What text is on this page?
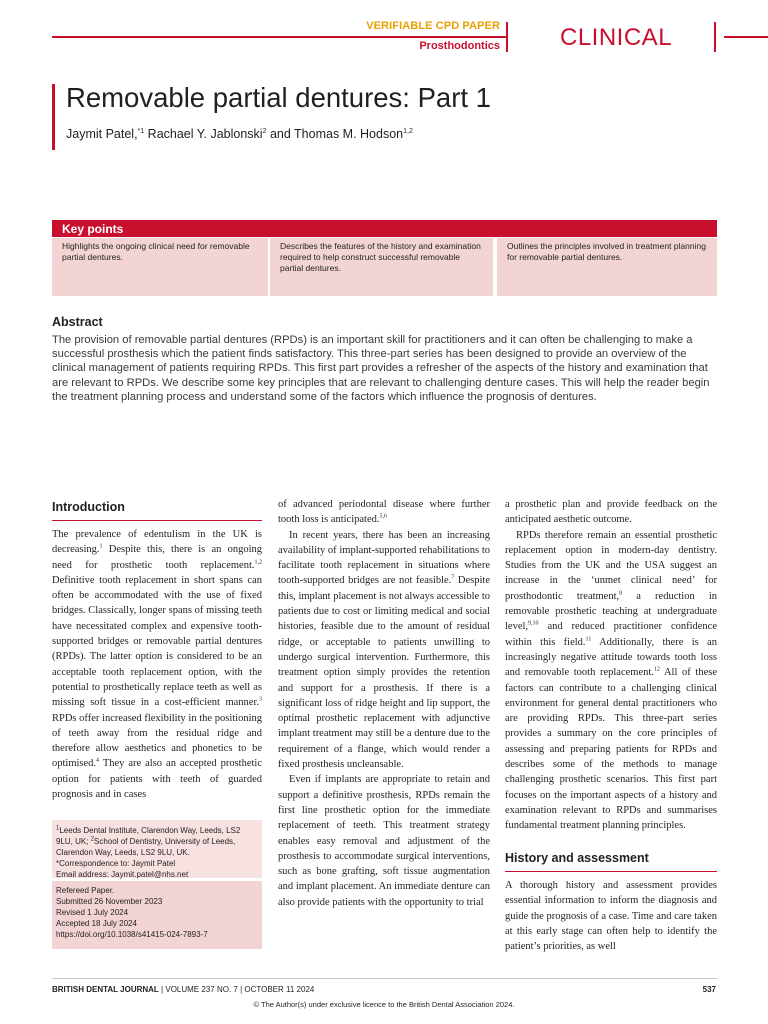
VERIFIABLE CPD PAPER
Prosthodontics	CLINICAL
Removable partial dentures: Part 1
Jaymit Patel,$^{*1}$ Rachael Y. Jablonski$^2$ and Thomas M. Hodson$^{1,2}$
Key points
Highlights the ongoing clinical need for removable partial dentures.
Describes the features of the history and examination required to help construct successful removable partial dentures.
Outlines the principles involved in treatment planning for removable partial dentures.
Abstract
The provision of removable partial dentures (RPDs) is an important skill for practitioners and it can often be challenging to make a successful prosthesis which the patient finds satisfactory. This three-part series has been designed to provide an overview of the clinical management of patients requiring RPDs. This first part provides a refresher of the aspects of the history and examination that are relevant to RPDs. We describe some key principles that are relevant to challenging denture cases. This will help the reader begin the treatment planning process and understand some of the factors which influence the prognosis of dentures.
Introduction

The prevalence of edentulism in the UK is decreasing.$^1$ Despite this, there is an ongoing need for prosthetic tooth replacement.$^{1,2}$ Definitive tooth replacement in short spans can often be accommodated with the use of fixed bridges. Classically, longer spans of missing teeth have necessitated complex and expensive tooth-supported bridges or removable partial dentures (RPDs). The latter option is considered to be an acceptable tooth replacement option, with the potential to prosthetically replace teeth as well as missing soft tissue in a cost-efficient manner.$^3$ RPDs offer increased flexibility in the positioning of teeth away from the residual ridge and therefore allow aesthetics and phonetics to be optimised.$^4$ They are also an accepted prosthetic option for patients with teeth of guarded prognosis and in cases

$^1$Leeds Dental Institute, Clarendon Way, Leeds, LS2 9LU, UK; $^2$School of Dentistry, University of Leeds, Clarendon Way, Leeds, LS2 9LU, UK.
*Correspondence to: Jaymit Patel
Email address: Jaymit.patel@nhs.net
Refereed Paper.
Submitted 26 November 2023
Revised 1 July 2024
Accepted 18 July 2024
https://doi.org/10.1038/s41415-024-7893-7

of advanced periodontal disease where further tooth loss is anticipated.$^{5,6}$

In recent years, there has been an increasing availability of implant-supported rehabilitations to facilitate tooth replacement in situations where tooth-supported bridges are not feasible.$^7$ Despite this, implant placement is not always accessible to patients due to cost or limiting medical and social histories, feasible due to the amount of residual ridge, or acceptable to patients unwilling to undergo surgical intervention. Furthermore, this treatment option simply provides the retention and support for a prosthesis. If there is a significant loss of ridge height and lip support, the optimal prosthetic replacement with adjunctive implant treatment may still be a denture due to the requirement of a flange, which would render a fixed prosthesis uncleansable.

Even if implants are appropriate to retain and support a definitive prosthesis, RPDs remain the first line prosthetic option for the immediate replacement of teeth. This treatment strategy enables easy removal and adjustment of the prosthesis to accommodate surgical interventions, such as bone grafting, soft tissue augmentation and implant placement. An immediate denture can also provide patients with the opportunity to trial

a prosthetic plan and provide feedback on the anticipated aesthetic outcome.

RPDs therefore remain an essential prosthetic replacement option in modern-day dentistry. Studies from the UK and the USA suggest an increase in the ‘unmet clinical need’ for prosthodontic treatment,$^8$ a reduction in removable prosthetic teaching at undergraduate level,$^{9,10}$ and reduced practitioner confidence within this field.$^{11}$ Additionally, there is an increasingly negative attitude towards tooth loss and removable tooth replacement.$^{12}$ All of these factors can contribute to a challenging clinical environment for general dental practitioners who are providing RPDs. This three-part series provides a summary on the core principles of assessing and preparing patients for RPDs and describes some of the methods to manage challenging prosthetic scenarios. This first part focuses on the important aspects of a history and examination relevant to RPDs and summarises fundamental treatment planning principles.

History and assessment

A thorough history and assessment provides essential information to inform the diagnosis and guide the prognosis of a case. Time and care taken at this early stage can often help to identify the patient’s priorities, as well

BRITISH DENTAL JOURNAL | VOLUME 237 NO. 7 | OCTOBER 11 2024	537
© The Author(s) under exclusive licence to the British Dental Association 2024.
